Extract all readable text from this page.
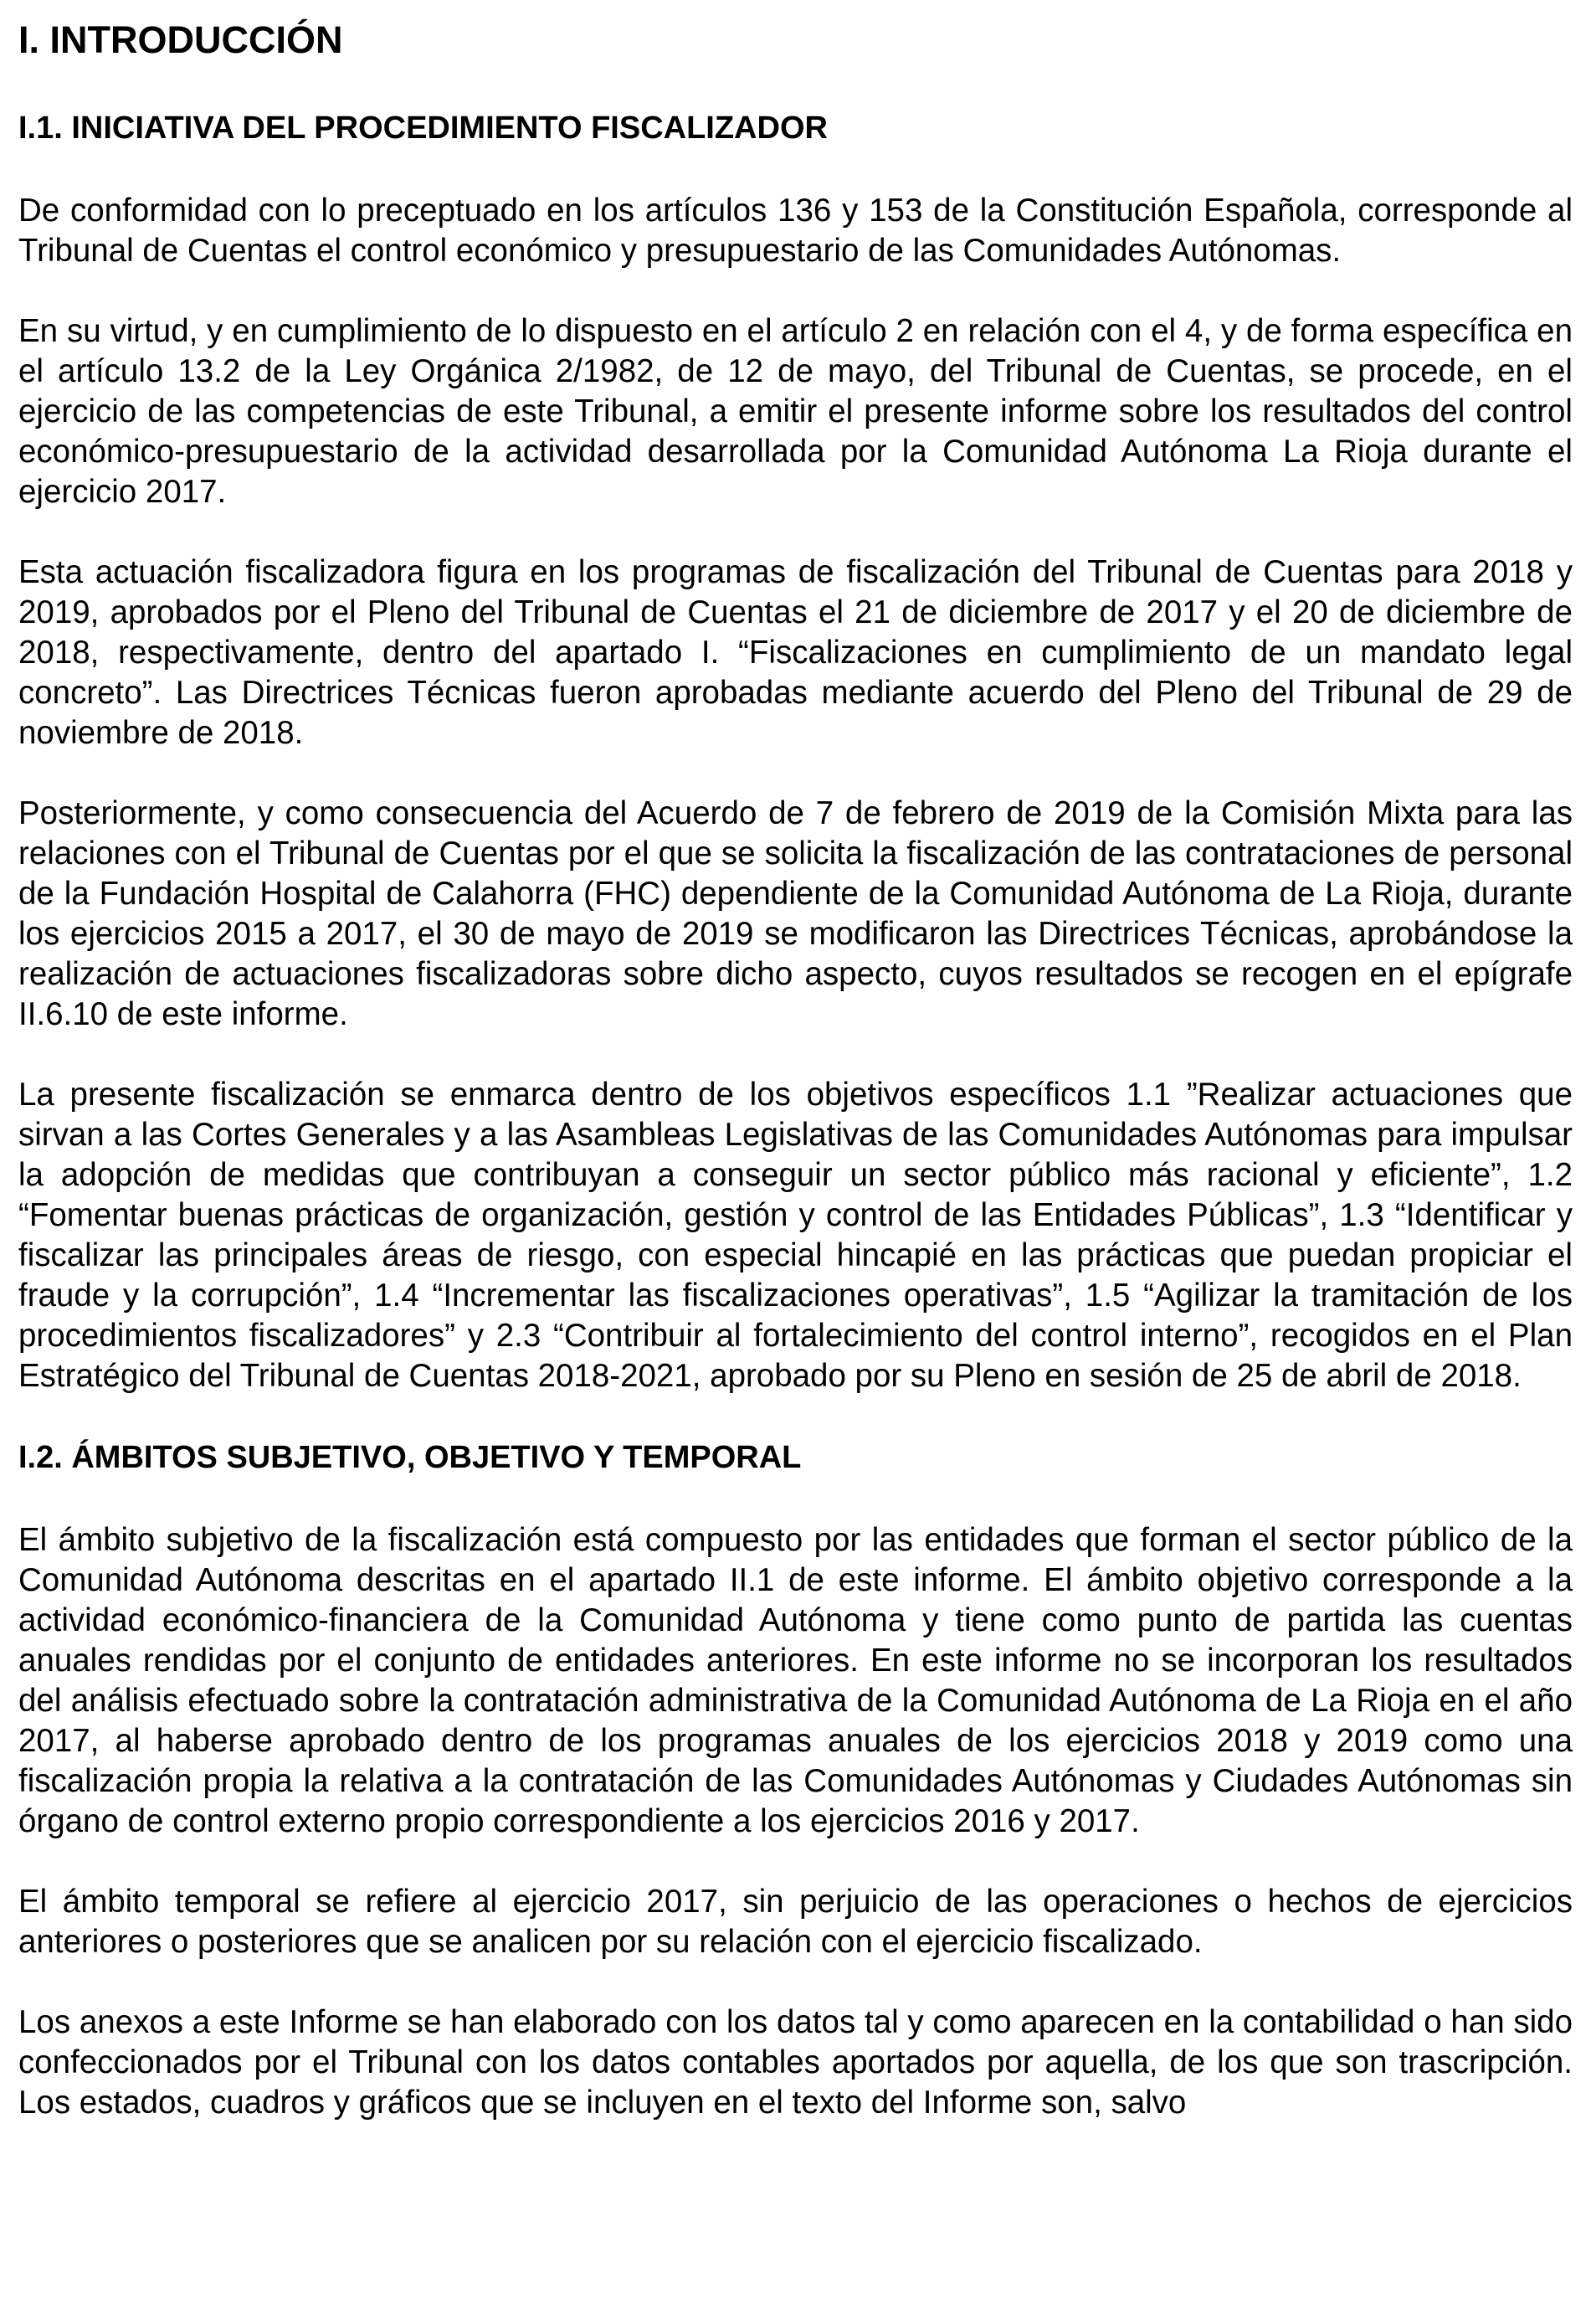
I. INTRODUCCIÓN
I.1. INICIATIVA DEL PROCEDIMIENTO FISCALIZADOR

De conformidad con lo preceptuado en los artículos 136 y 153 de la Constitución Española, corresponde al Tribunal de Cuentas el control económico y presupuestario de las Comunidades Autónomas.

En su virtud, y en cumplimiento de lo dispuesto en el artículo 2 en relación con el 4, y de forma específica en el artículo 13.2 de la Ley Orgánica 2/1982, de 12 de mayo, del Tribunal de Cuentas, se procede, en el ejercicio de las competencias de este Tribunal, a emitir el presente informe sobre los resultados del control económico-presupuestario de la actividad desarrollada por la Comunidad Autónoma La Rioja durante el ejercicio 2017.

Esta actuación fiscalizadora figura en los programas de fiscalización del Tribunal de Cuentas para 2018 y 2019, aprobados por el Pleno del Tribunal de Cuentas el 21 de diciembre de 2017 y el 20 de diciembre de 2018, respectivamente, dentro del apartado I. “Fiscalizaciones en cumplimiento de un mandato legal concreto”. Las Directrices Técnicas fueron aprobadas mediante acuerdo del Pleno del Tribunal de 29 de noviembre de 2018.

Posteriormente, y como consecuencia del Acuerdo de 7 de febrero de 2019 de la Comisión Mixta para las relaciones con el Tribunal de Cuentas por el que se solicita la fiscalización de las contrataciones de personal de la Fundación Hospital de Calahorra (FHC) dependiente de la Comunidad Autónoma de La Rioja, durante los ejercicios 2015 a 2017, el 30 de mayo de 2019 se modificaron las Directrices Técnicas, aprobándose la realización de actuaciones fiscalizadoras sobre dicho aspecto, cuyos resultados se recogen en el epígrafe II.6.10 de este informe.

La presente fiscalización se enmarca dentro de los objetivos específicos 1.1 ”Realizar actuaciones que sirvan a las Cortes Generales y a las Asambleas Legislativas de las Comunidades Autónomas para impulsar la adopción de medidas que contribuyan a conseguir un sector público más racional y eficiente”, 1.2 “Fomentar buenas prácticas de organización, gestión y control de las Entidades Públicas”, 1.3 “Identificar y fiscalizar las principales áreas de riesgo, con especial hincapié en las prácticas que puedan propiciar el fraude y la corrupción”, 1.4 “Incrementar las fiscalizaciones operativas”, 1.5 “Agilizar la tramitación de los procedimientos fiscalizadores” y 2.3 “Contribuir al fortalecimiento del control interno”, recogidos en el Plan Estratégico del Tribunal de Cuentas 2018-2021, aprobado por su Pleno en sesión de 25 de abril de 2018.

I.2. ÁMBITOS SUBJETIVO, OBJETIVO Y TEMPORAL

El ámbito subjetivo de la fiscalización está compuesto por las entidades que forman el sector público de la Comunidad Autónoma descritas en el apartado II.1 de este informe. El ámbito objetivo corresponde a la actividad económico-financiera de la Comunidad Autónoma y tiene como punto de partida las cuentas anuales rendidas por el conjunto de entidades anteriores. En este informe no se incorporan los resultados del análisis efectuado sobre la contratación administrativa de la Comunidad Autónoma de La Rioja en el año 2017, al haberse aprobado dentro de los programas anuales de los ejercicios 2018 y 2019 como una fiscalización propia la relativa a la contratación de las Comunidades Autónomas y Ciudades Autónomas sin órgano de control externo propio correspondiente a los ejercicios 2016 y 2017.

El ámbito temporal se refiere al ejercicio 2017, sin perjuicio de las operaciones o hechos de ejercicios anteriores o posteriores que se analicen por su relación con el ejercicio fiscalizado.

Los anexos a este Informe se han elaborado con los datos tal y como aparecen en la contabilidad o han sido confeccionados por el Tribunal con los datos contables aportados por aquella, de los que son trascripción. Los estados, cuadros y gráficos que se incluyen en el texto del Informe son, salvo
